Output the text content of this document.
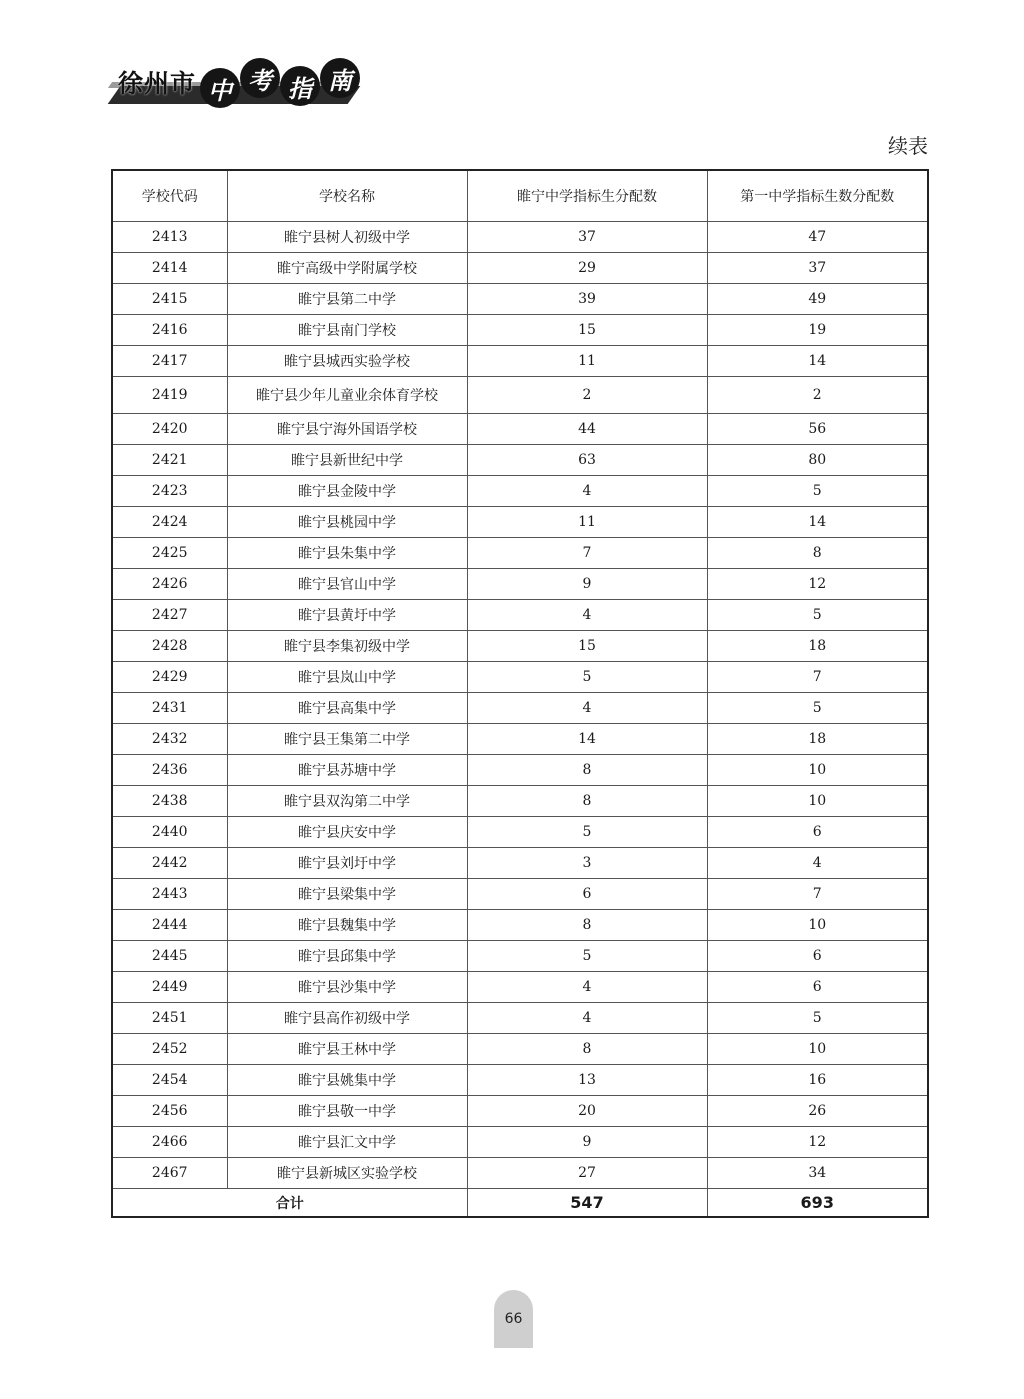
徐州市 中 考 指 南
续表
学校代码	学校名称	睢宁中学指标生分配数	第一中学指标生数分配数
2413	睢宁县树人初级中学	37	47
2414	睢宁高级中学附属学校	29	37
2415	睢宁县第二中学	39	49
2416	睢宁县南门学校	15	19
2417	睢宁县城西实验学校	11	14
2419	睢宁县少年儿童业余体育学校	2	2
2420	睢宁县宁海外国语学校	44	56
2421	睢宁县新世纪中学	63	80
2423	睢宁县金陵中学	4	5
2424	睢宁县桃园中学	11	14
2425	睢宁县朱集中学	7	8
2426	睢宁县官山中学	9	12
2427	睢宁县黄圩中学	4	5
2428	睢宁县李集初级中学	15	18
2429	睢宁县岚山中学	5	7
2431	睢宁县高集中学	4	5
2432	睢宁县王集第二中学	14	18
2436	睢宁县苏塘中学	8	10
2438	睢宁县双沟第二中学	8	10
2440	睢宁县庆安中学	5	6
2442	睢宁县刘圩中学	3	4
2443	睢宁县梁集中学	6	7
2444	睢宁县魏集中学	8	10
2445	睢宁县邱集中学	5	6
2449	睢宁县沙集中学	4	6
2451	睢宁县高作初级中学	4	5
2452	睢宁县王林中学	8	10
2454	睢宁县姚集中学	13	16
2456	睢宁县敬一中学	20	26
2466	睢宁县汇文中学	9	12
2467	睢宁县新城区实验学校	27	34
合计		547	693
66
